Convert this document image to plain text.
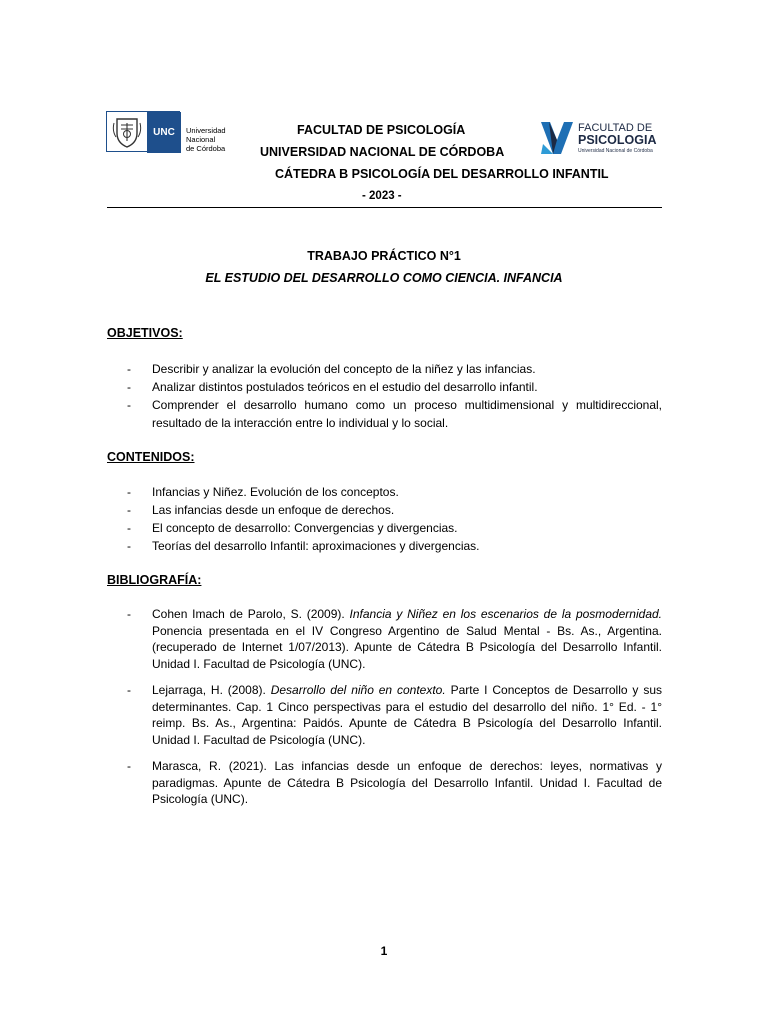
UNC	Universidad
Nacional
de Córdoba
FACULTAD DE
PSICOLOGIA
Universidad Nacional de Córdoba
FACULTAD DE PSICOLOGÍA
UNIVERSIDAD NACIONAL DE CÓRDOBA
CÁTEDRA B PSICOLOGÍA DEL DESARROLLO INFANTIL
- 2023 -
TRABAJO PRÁCTICO N°1
EL ESTUDIO DEL DESARROLLO COMO CIENCIA. INFANCIA
OBJETIVOS:
- Describir y analizar la evolución del concepto de la niñez y las infancias.
- Analizar distintos postulados teóricos en el estudio del desarrollo infantil.
- Comprender el desarrollo humano como un proceso multidimensional y multidireccional, resultado de la interacción entre lo individual y lo social.
CONTENIDOS:
- Infancias y Niñez. Evolución de los conceptos.
- Las infancias desde un enfoque de derechos.
- El concepto de desarrollo: Convergencias y divergencias.
- Teorías del desarrollo Infantil: aproximaciones y divergencias.
BIBLIOGRAFÍA:
- Cohen Imach de Parolo, S. (2009). Infancia y Niñez en los escenarios de la posmodernidad. Ponencia presentada en el IV Congreso Argentino de Salud Mental - Bs. As., Argentina. (recuperado de Internet 1/07/2013). Apunte de Cátedra B Psicología del Desarrollo Infantil. Unidad I. Facultad de Psicología (UNC).
- Lejarraga, H. (2008). Desarrollo del niño en contexto. Parte I Conceptos de Desarrollo y sus determinantes. Cap. 1 Cinco perspectivas para el estudio del desarrollo del niño. 1° Ed. - 1° reimp. Bs. As., Argentina: Paidós. Apunte de Cátedra B Psicología del Desarrollo Infantil. Unidad I. Facultad de Psicología (UNC).
- Marasca, R. (2021). Las infancias desde un enfoque de derechos: leyes, normativas y paradigmas. Apunte de Cátedra B Psicología del Desarrollo Infantil. Unidad I. Facultad de Psicología (UNC).
1
